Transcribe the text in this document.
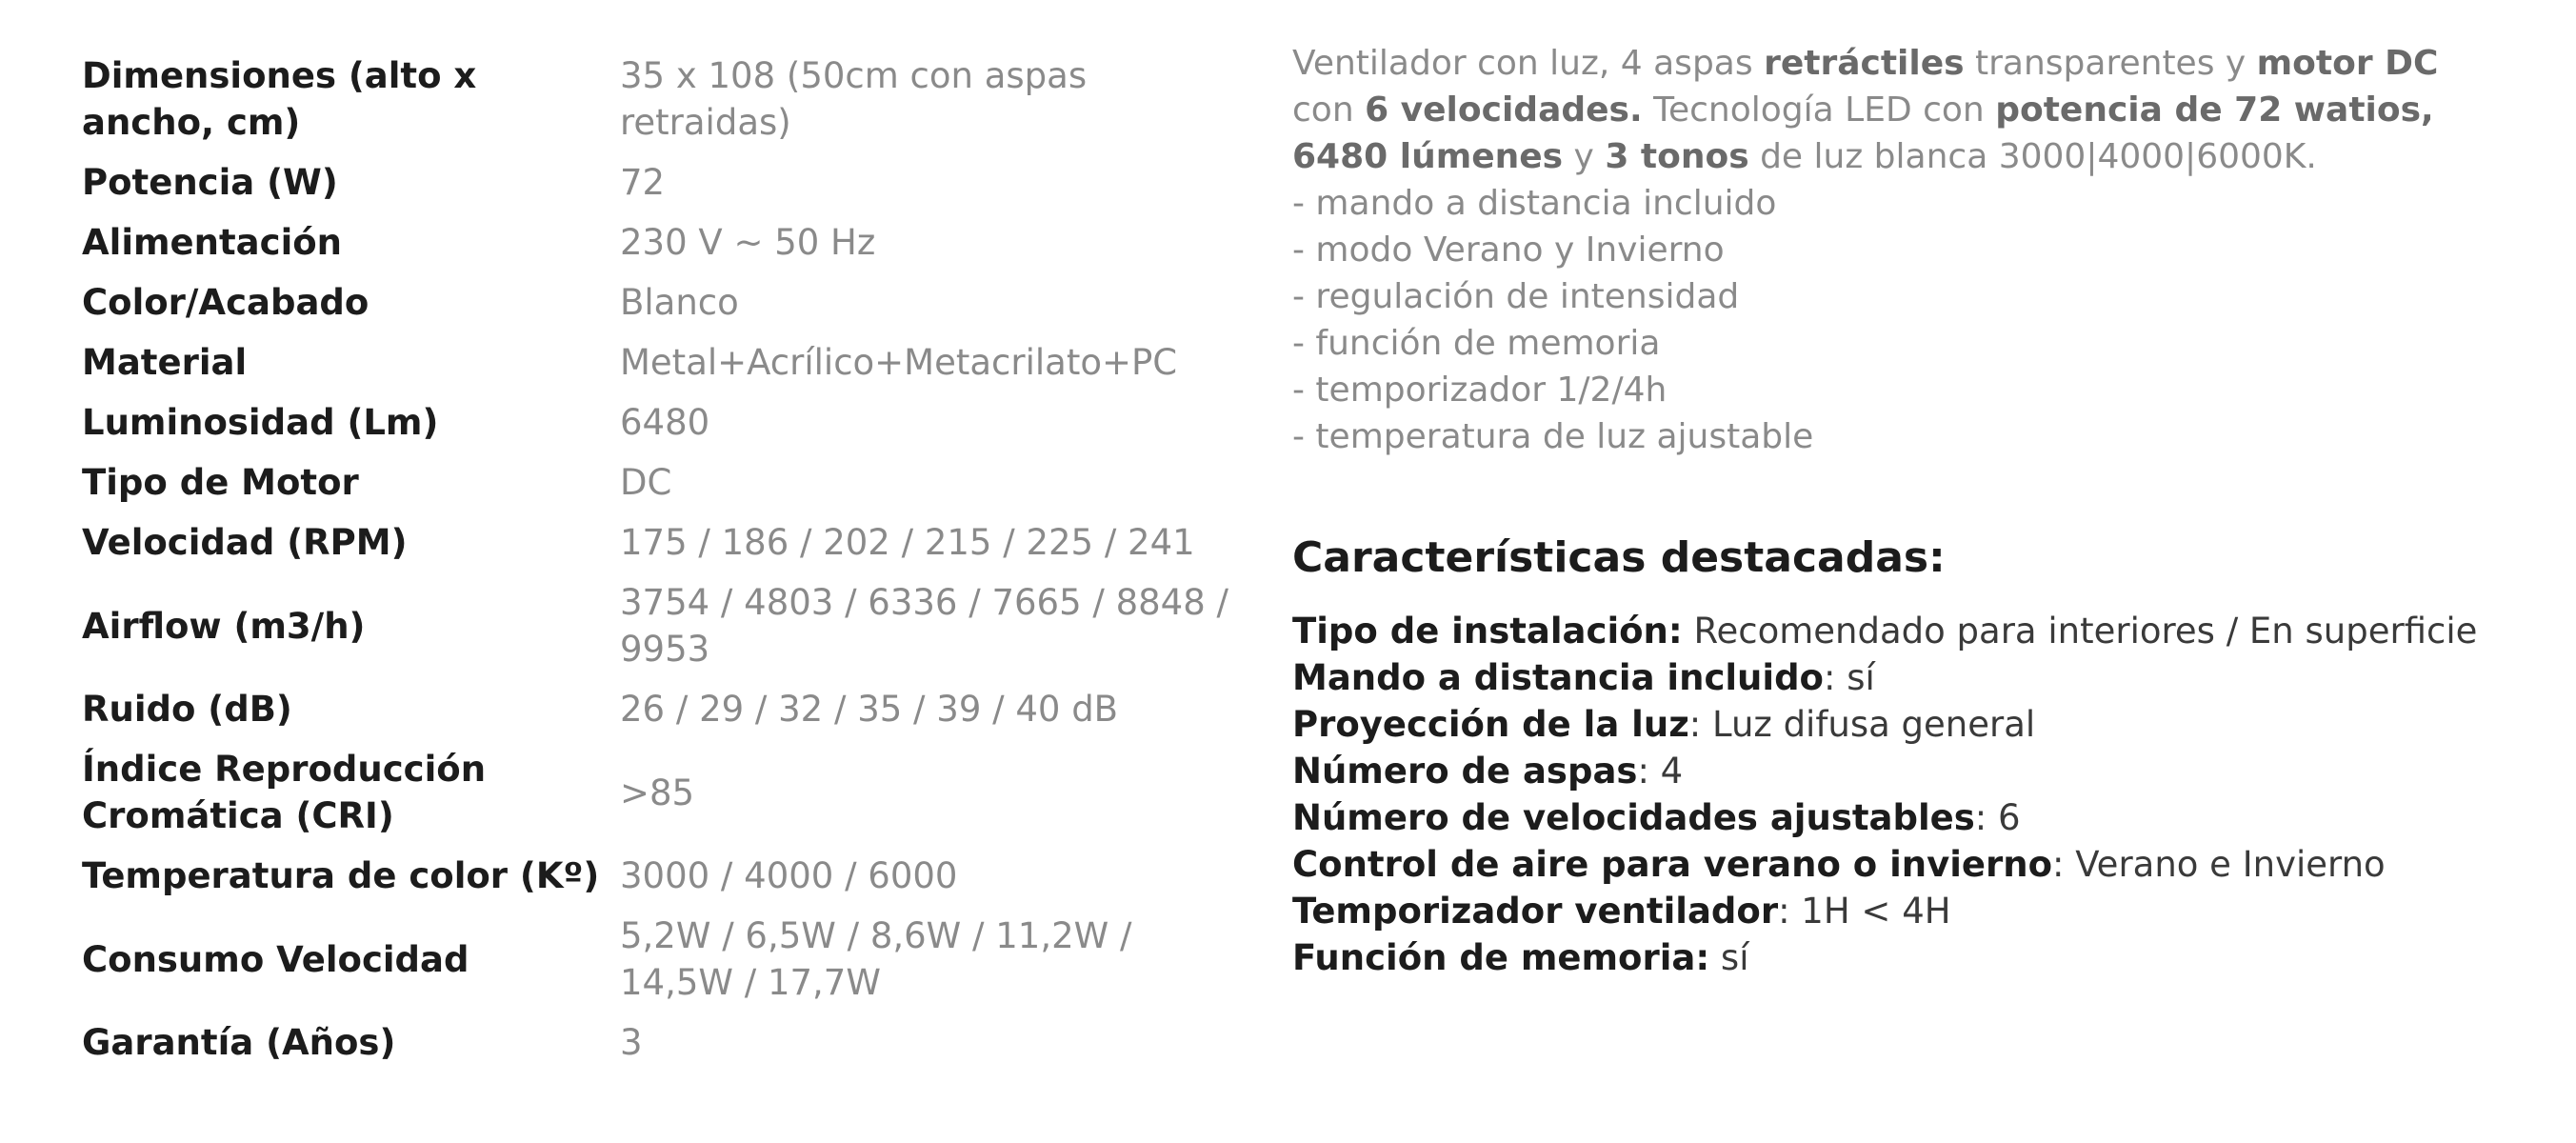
Dimensiones (alto x ancho, cm)	35 x 108 (50cm con aspas retraidas)
Potencia (W)	72
Alimentación	230 V ~ 50 Hz
Color/Acabado	Blanco
Material	Metal+Acrílico+Metacrilato+PC
Luminosidad (Lm)	6480
Tipo de Motor	DC
Velocidad (RPM)	175 / 186 / 202 / 215 / 225 / 241
Airflow (m3/h)	3754 / 4803 / 6336 / 7665 / 8848 / 9953
Ruido (dB)	26 / 29 / 32 / 35 / 39 / 40 dB
Índice Reproducción Cromática (CRI)	>85
Temperatura de color (Kº)	3000 / 4000 / 6000
Consumo Velocidad	5,2W / 6,5W / 8,6W / 11,2W / 14,5W / 17,7W
Garantía (Años)	3
Ventilador con luz, 4 aspas retráctiles transparentes y motor DC con 6 velocidades. Tecnología LED con potencia de 72 watios, 6480 lúmenes y 3 tonos de luz blanca 3000|4000|6000K.
- mando a distancia incluido
- modo Verano y Invierno
- regulación de intensidad
- función de memoria
- temporizador 1/2/4h
- temperatura de luz ajustable
Características destacadas:
Tipo de instalación: Recomendado para interiores / En superficie
Mando a distancia incluido: sí
Proyección de la luz: Luz difusa general
Número de aspas: 4
Número de velocidades ajustables: 6
Control de aire para verano o invierno: Verano e Invierno
Temporizador ventilador: 1H < 4H
Función de memoria: sí
